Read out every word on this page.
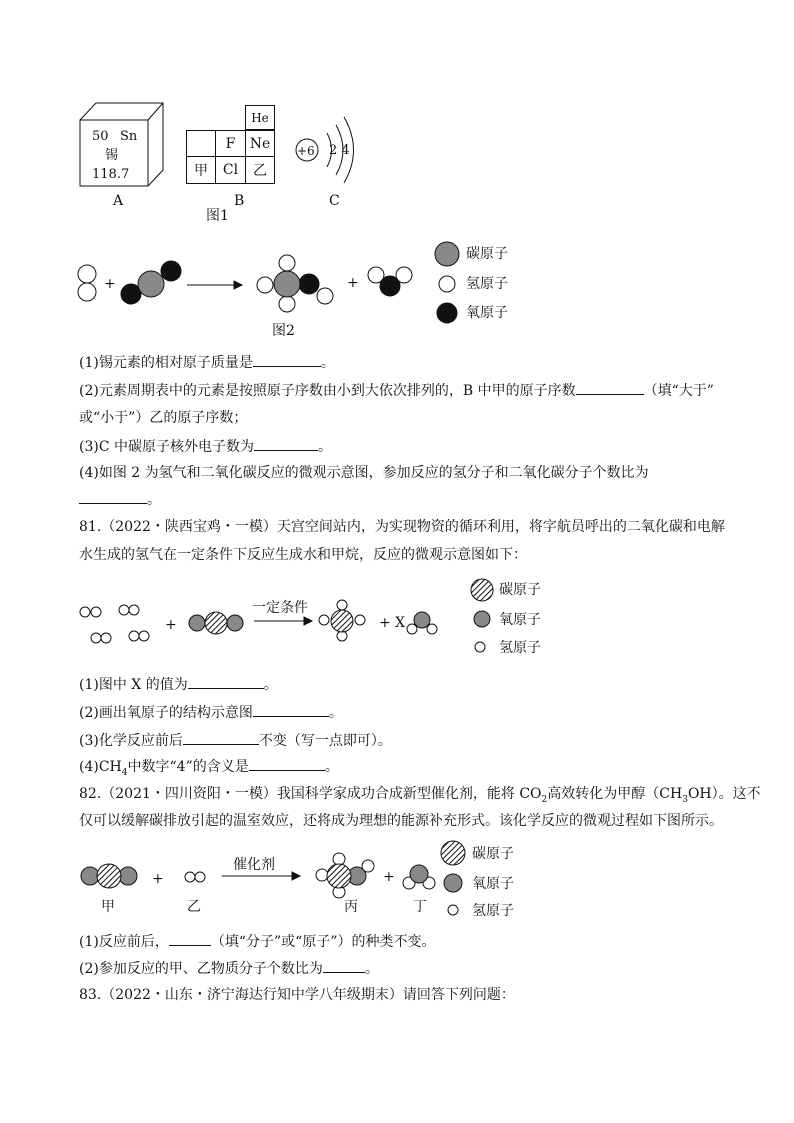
50 Sn
锡
118.7
He
F Ne
甲 Cl 乙
+6 2 4
A	B	C
图1
+	+
图2
碳原子
氢原子
氧原子
(1)锡元素的相对原子质量是	。
(2)元素周期表中的元素是按照原子序数由小到大依次排列的，B 中甲的原子序数	（填“大于”
或“小于”）乙的原子序数；
(3)C 中碳原子核外电子数为	。
(4)如图 2 为氢气和二氧化碳反应的微观示意图，参加反应的氢分子和二氧化碳分子个数比为
。
81.（2022・陕西宝鸡・一模）天宫空间站内，为实现物资的循环利用，将字航员呼出的二氧化碳和电解
水生成的氢气在一定条件下反应生成水和甲烷，反应的微观示意图如下：
+
一定条件
+ X
碳原子
氧原子
氢原子
(1)图中 X 的值为	。
(2)画出氧原子的结构示意图	。
(3)化学反应前后	不变（写一点即可）。
$(4)CH_4$中数字“4”的含义是	。
82.（2021・四川资阳・一模）我国科学家成功合成新型催化剂，能将 $CO_2$高效转化为甲醇$(CH_3OH)$。这不
仅可以缓解碳排放引起的温室效应，还将成为理想的能源补充形式。该化学反应的微观过程如下图所示。
+
催化剂
+
甲	乙	丙	丁
碳原子
氧原子
氢原子
(1)反应前后，	（填“分子”或“原子”）的种类不变。
(2)参加反应的甲、乙物质分子个数比为	。
83.（2022・山东・济宁海达行知中学八年级期末）请回答下列问题：
